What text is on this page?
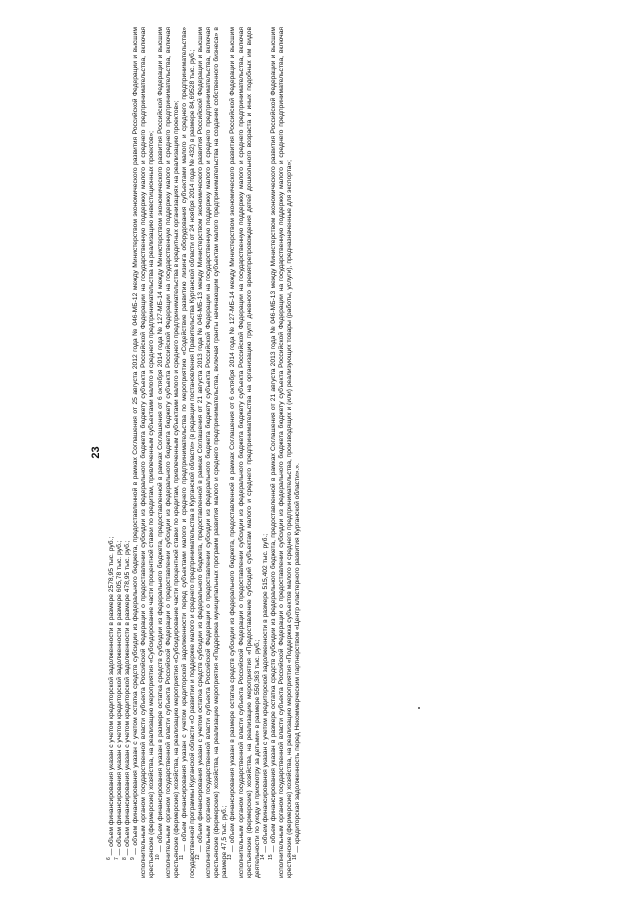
23

$^6$ — объем финансирования указан с учетом кредиторской задолженности в размере 2578,95 тыс. руб.;

$^7$ — объем финансирования указан с учетом кредиторской задолженности в размере 605,78 тыс. руб.;

$^8$ — объем финансирования указан с учетом кредиторской задолженности в размере 478,95 тыс. руб.;

$^9$ — объем финансирования указан с учетом остатка средств субсидии из федерального бюджета, предоставленной в рамках Соглашения от 25 августа 2012 года № 046-МБ-12 между Министерством экономического развития Российской Федерации и высшим исполнительным органом государственной власти субъекта Российской Федерации о предоставлении субсидии из федерального бюджета бюджету субъекта Российской Федерации на государственную поддержку малого и среднего предпринимательства, включая крестьянские (фермерские) хозяйства, на реализацию мероприятия «Субсидирование части процентной ставки по кредитам, привлеченным субъектами малого и среднего предпринимательства на реализацию инвестиционных проектов»;

$^{10}$ — объем финансирования указан в размере остатка средств субсидии из федерального бюджета, предоставленной в рамках Соглашения от 6 октября 2014 года № 127-МБ-14 между Министерством экономического развития Российской Федерации и высшим исполнительным органом государственной власти субъекта Российской Федерации о предоставлении субсидии из федерального бюджета бюджету субъекта Российской Федерации на государственную поддержку малого и среднего предпринимательства, включая крестьянские (фермерские) хозяйства, на реализацию мероприятия «Субсидирование части процентной ставки по кредитам, привлеченным субъектами малого и среднего предпринимательства в кредитных организациях на реализацию проектов»;

$^{11}$ — объем финансирования указан с учетом кредиторской задолженности перед субъектами малого и среднего предпринимательства по мероприятию «Содействие развитию лизинга оборудования субъектами малого и среднего предпринимательства» государственной программы Курганской области «О развитии и поддержке малого и среднего предпринимательства в Курганской области» (в редакции постановления Правительства Курганской области от 24 ноября 2014 года № 432) в размере 84,69528 тыс. руб.;

$^{12}$ — объем финансирования указан с учетом остатка средств субсидии из федерального бюджета, предоставленной в рамках Соглашения от 21 августа 2013 года № 046-МБ-13 между Министерством экономического развития Российской Федерации и высшим исполнительным органом государственной власти субъекта Российской Федерации о предоставлении субсидии из федерального бюджета бюджету субъекта Российской Федерации на государственную поддержку малого и среднего предпринимательства, включая крестьянские (фермерские) хозяйства, на реализацию мероприятия «Поддержка муниципальных программ развития малого и среднего предпринимательства, включая гранты начинающим субъектам малого предпринимательства на создание собственного бизнеса» в размере 47,5 тыс. руб.;

$^{13}$ — объем финансирования указан в размере остатка средств субсидии из федерального бюджета, предоставленной в рамках Соглашения от 6 октября 2014 года № 127-МБ-14 между Министерством экономического развития Российской Федерации и высшим исполнительным органом государственной власти субъекта Российской Федерации о предоставлении субсидии из федерального бюджета бюджету субъекта Российской Федерации на государственную поддержку малого и среднего предпринимательства, включая крестьянские (фермерские) хозяйства, на реализацию мероприятия «Предоставление субсидий субъектам малого и среднего предпринимательства на организацию групп дневного времяпрепровождения детей дошкольного возраста и иных подобных им видов деятельности по уходу и присмотру за детьми» в размере 550,363 тыс. руб.;

$^{14}$ — объем финансирования указан с учетом кредиторской задолженности в размере 515,402 тыс. руб.;

$^{15}$ — объем финансирования указан в размере остатка средств субсидии из федерального бюджета, предоставленной в рамках Соглашения от 21 августа 2013 года № 046-МБ-13 между Министерством экономического развития Российской Федерации и высшим исполнительным органом государственной власти субъекта Российской Федерации о предоставлении субсидии из федерального бюджета бюджету субъекта Российской Федерации на государственную поддержку малого и среднего предпринимательства, включая крестьянские (фермерские) хозяйства, на реализацию мероприятия «Поддержка субъектов малого и среднего предпринимательства, производящих и (или) реализующих товары (работы, услуги), предназначенные для экспорта»;

$^{16}$ — кредиторская задолженность перед Некоммерческим партнерством «Центр кластерного развития Курганской области».».
